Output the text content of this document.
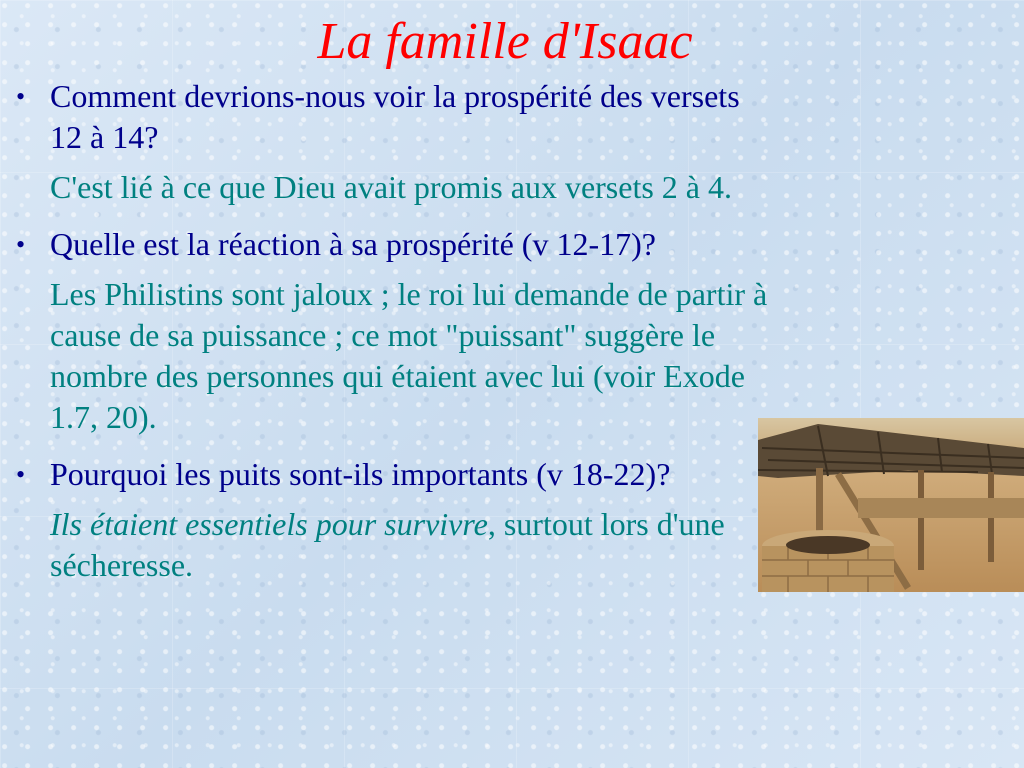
La famille d'Isaac

• Comment devrions-nous voir la prospérité des versets 12 à 14?

C'est lié à ce que Dieu avait promis aux versets 2 à 4.

• Quelle est la réaction à sa prospérité (v 12-17)?

Les Philistins sont jaloux ; le roi lui demande de partir à cause de sa puissance ; ce mot "puissant" suggère le nombre des personnes qui étaient avec lui (voir Exode 1.7, 20).

• Pourquoi les puits sont-ils importants (v 18-22)?

Ils étaient essentiels pour survivre, surtout lors d'une sécheresse.
